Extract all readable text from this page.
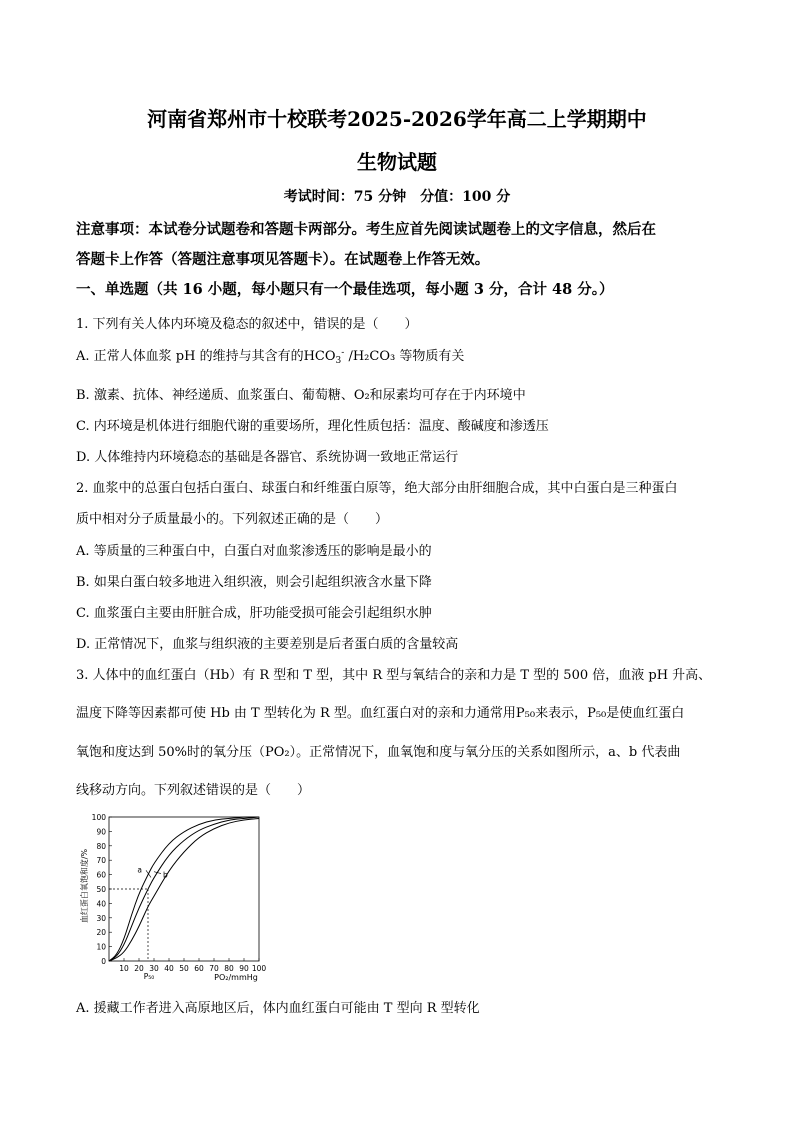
河南省郑州市十校联考2025-2026学年高二上学期期中
生物试题
考试时间：75 分钟　分值：100 分
注意事项：本试卷分试题卷和答题卡两部分。考生应首先阅读试题卷上的文字信息，然后在
答题卡上作答（答题注意事项见答题卡）。在试题卷上作答无效。
一、单选题（共 16 小题，每小题只有一个最佳选项，每小题 3 分，合计 48 分。）
1. 下列有关人体内环境及稳态的叙述中，错误的是（　　）
A. 正常人体血浆 pH 的维持与其含有的$HCO_3^-$ /H₂CO₃ 等物质有关
B. 激素、抗体、神经递质、血浆蛋白、葡萄糖、O₂和尿素均可存在于内环境中
C. 内环境是机体进行细胞代谢的重要场所，理化性质包括：温度、酸碱度和渗透压
D. 人体维持内环境稳态的基础是各器官、系统协调一致地正常运行
2. 血浆中的总蛋白包括白蛋白、球蛋白和纤维蛋白原等，绝大部分由肝细胞合成，其中白蛋白是三种蛋白
质中相对分子质量最小的。下列叙述正确的是（　　）
A. 等质量的三种蛋白中，白蛋白对血浆渗透压的影响是最小的
B. 如果白蛋白较多地进入组织液，则会引起组织液含水量下降
C. 血浆蛋白主要由肝脏合成，肝功能受损可能会引起组织水肿
D. 正常情况下，血浆与组织液的主要差别是后者蛋白质的含量较高
3. 人体中的血红蛋白（Hb）有 R 型和 T 型，其中 R 型与氧结合的亲和力是 T 型的 500 倍，血液 pH 升高、
温度下降等因素都可使 Hb 由 T 型转化为 R 型。血红蛋白对的亲和力通常用P₅₀来表示，P₅₀是使血红蛋白
氧饱和度达到 50%时的氧分压（PO₂）。正常情况下，血氧饱和度与氧分压的关系如图所示，a、b 代表曲
线移动方向。下列叙述错误的是（　　）
0
10
20
30
40
50
60
70
80
90
100
10 20 30 40 50 60 70 80 90 100
P₅₀
a
b
血红蛋白氧饱和度/%
PO₂/mmHg
A. 援藏工作者进入高原地区后，体内血红蛋白可能由 T 型向 R 型转化
